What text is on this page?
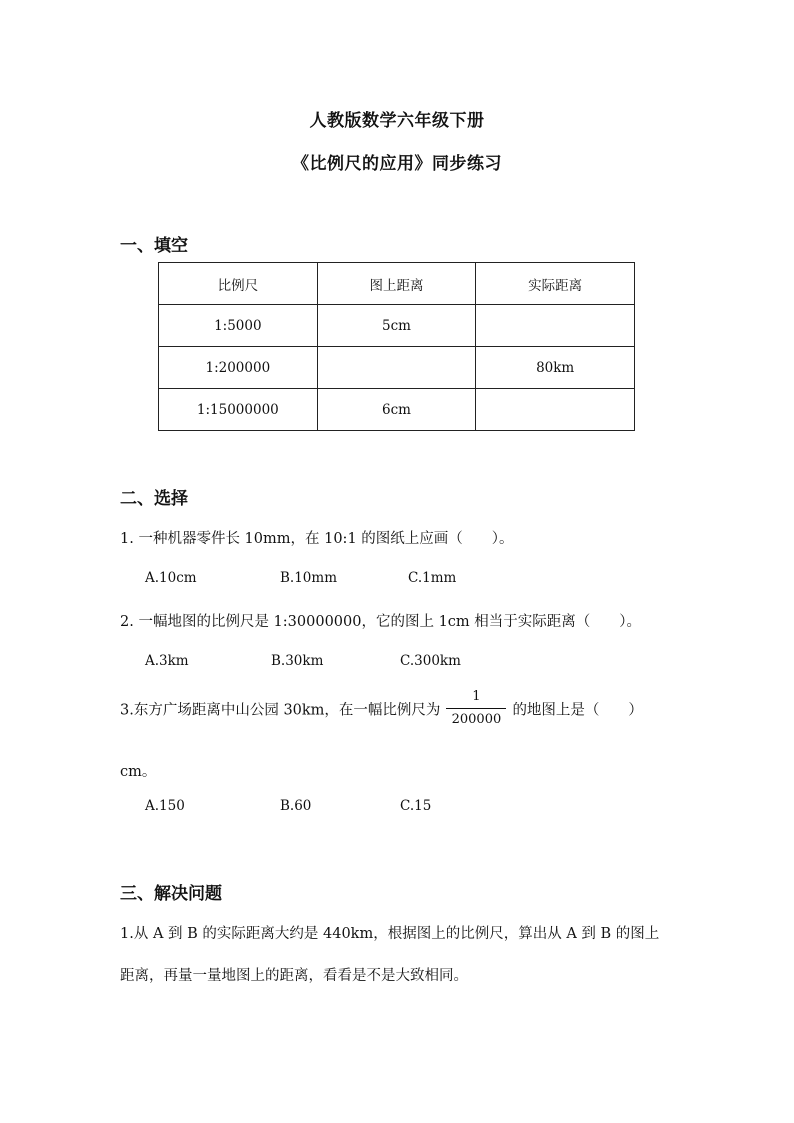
人教版数学六年级下册
《比例尺的应用》同步练习
一、填空
比例尺	图上距离	实际距离
1:5000	5cm	
1:200000		80km
1:15000000	6cm	
二、选择
1. 一种机器零件长 10mm，在 10:1 的图纸上应画（　　）。
A.10cm	B.10mm	C.1mm
2. 一幅地图的比例尺是 1:30000000，它的图上 1cm 相当于实际距离（　　）。
A.3km	B.30km	C.300km
3.东方广场距离中山公园 30km，在一幅比例尺为 $\frac{1}{200000}$ 的地图上是（　　）
cm。
A.150	B.60	C.15
三、解决问题
1.从 A 到 B 的实际距离大约是 440km，根据图上的比例尺，算出从 A 到 B 的图上
距离，再量一量地图上的距离，看看是不是大致相同。
